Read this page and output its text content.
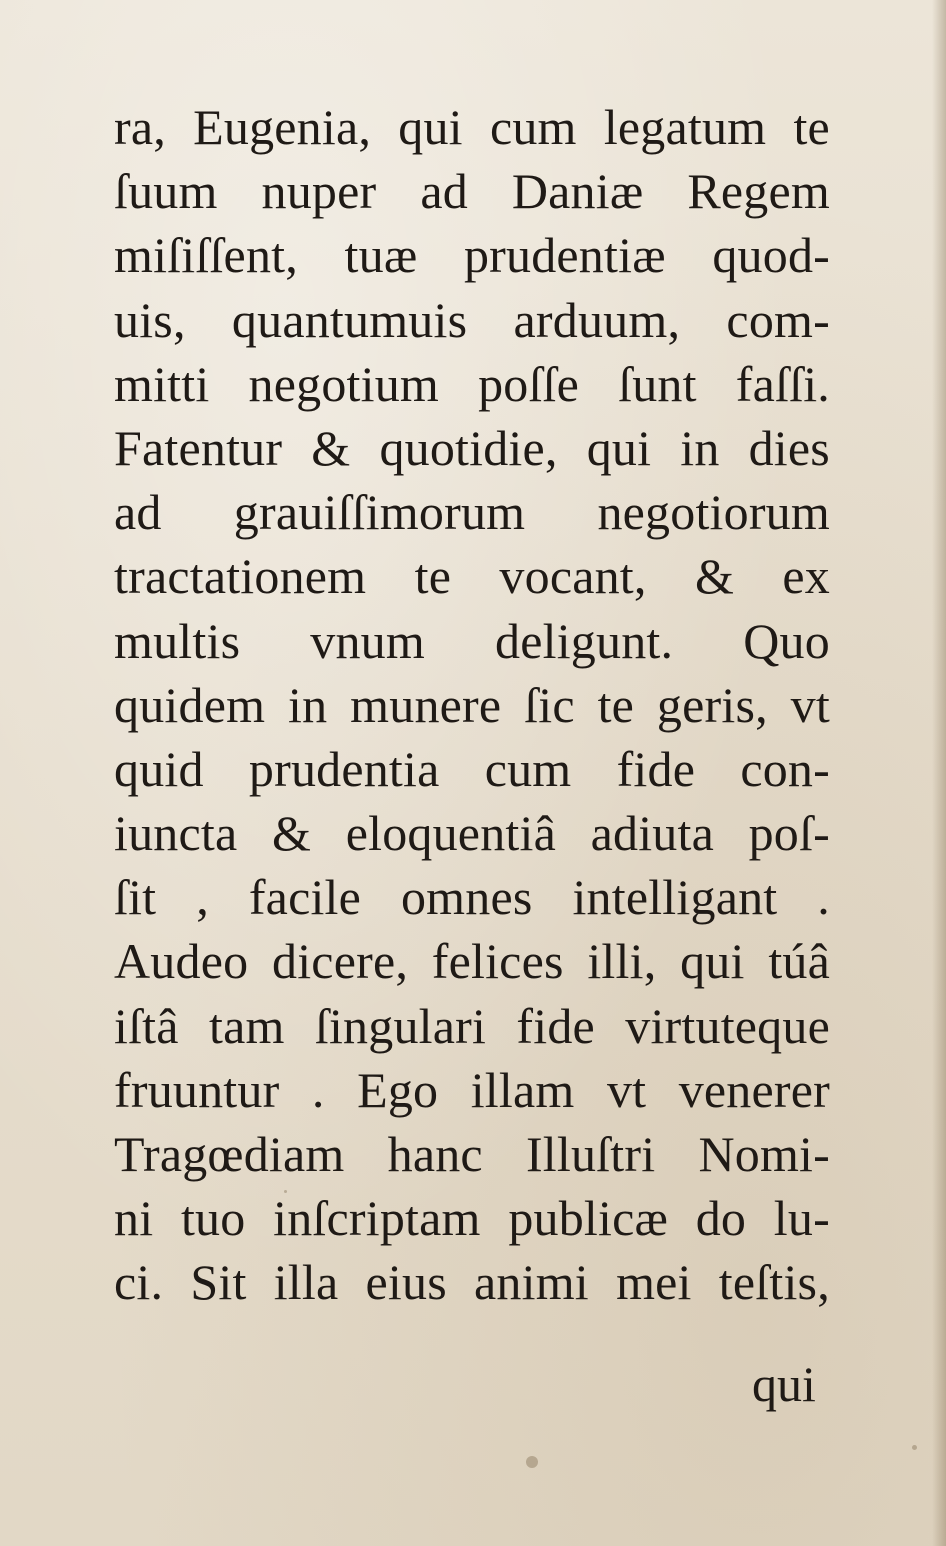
ra, Eugenia, qui cum legatum te
ſuum nuper ad Daniæ Regem
miſiſſent, tuæ prudentiæ quod-
uis, quantumuis arduum, com-
mitti negotium poſſe ſunt faſſi.
Fatentur & quotidie, qui in dies
ad grauiſſimorum negotiorum
tractationem te vocant, & ex
multis vnum deligunt. Quo
quidem in munere ſic te geris, vt
quid prudentia cum fide con-
iuncta & eloquentiâ adiuta poſ-
ſit , facile omnes intelligant .
Audeo dicere, felices illi, qui túâ
iſtâ tam ſingulari fide virtuteque
fruuntur . Ego illam vt venerer
Tragœdiam hanc Illuſtri Nomi-
ni tuo inſcriptam publicæ do lu-
ci. Sit illa eius animi mei teſtis,
qui
